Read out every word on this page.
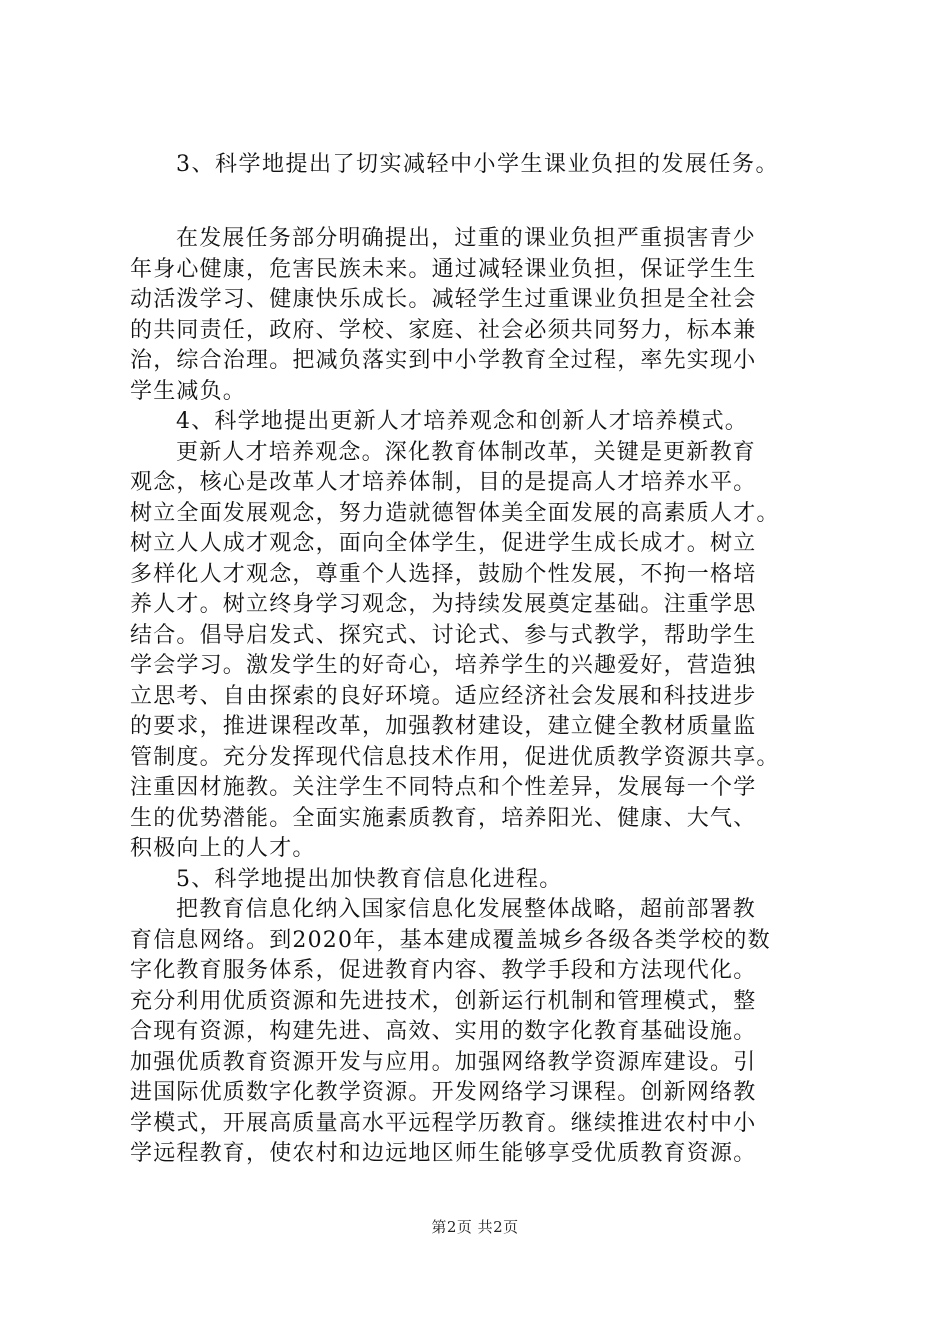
3、科学地提出了切实减轻中小学生课业负担的发展任务。

在发展任务部分明确提出，过重的课业负担严重损害青少
年身心健康，危害民族未来。通过减轻课业负担，保证学生生
动活泼学习、健康快乐成长。减轻学生过重课业负担是全社会
的共同责任，政府、学校、家庭、社会必须共同努力，标本兼
治，综合治理。把减负落实到中小学教育全过程，率先实现小
学生减负。

4、科学地提出更新人才培养观念和创新人才培养模式。

更新人才培养观念。深化教育体制改革，关键是更新教育
观念，核心是改革人才培养体制，目的是提高人才培养水平。
树立全面发展观念，努力造就德智体美全面发展的高素质人才。
树立人人成才观念，面向全体学生，促进学生成长成才。树立
多样化人才观念，尊重个人选择，鼓励个性发展，不拘一格培
养人才。树立终身学习观念，为持续发展奠定基础。注重学思
结合。倡导启发式、探究式、讨论式、参与式教学，帮助学生
学会学习。激发学生的好奇心，培养学生的兴趣爱好，营造独
立思考、自由探索的良好环境。适应经济社会发展和科技进步
的要求，推进课程改革，加强教材建设，建立健全教材质量监
管制度。充分发挥现代信息技术作用，促进优质教学资源共享。
注重因材施教。关注学生不同特点和个性差异，发展每一个学
生的优势潜能。全面实施素质教育，培养阳光、健康、大气、
积极向上的人才。

5、科学地提出加快教育信息化进程。

把教育信息化纳入国家信息化发展整体战略，超前部署教
育信息网络。到2020年，基本建成覆盖城乡各级各类学校的数
字化教育服务体系，促进教育内容、教学手段和方法现代化。
充分利用优质资源和先进技术，创新运行机制和管理模式，整
合现有资源，构建先进、高效、实用的数字化教育基础设施。
加强优质教育资源开发与应用。加强网络教学资源库建设。引
进国际优质数字化教学资源。开发网络学习课程。创新网络教
学模式，开展高质量高水平远程学历教育。继续推进农村中小
学远程教育，使农村和边远地区师生能够享受优质教育资源。

第2页 共2页
